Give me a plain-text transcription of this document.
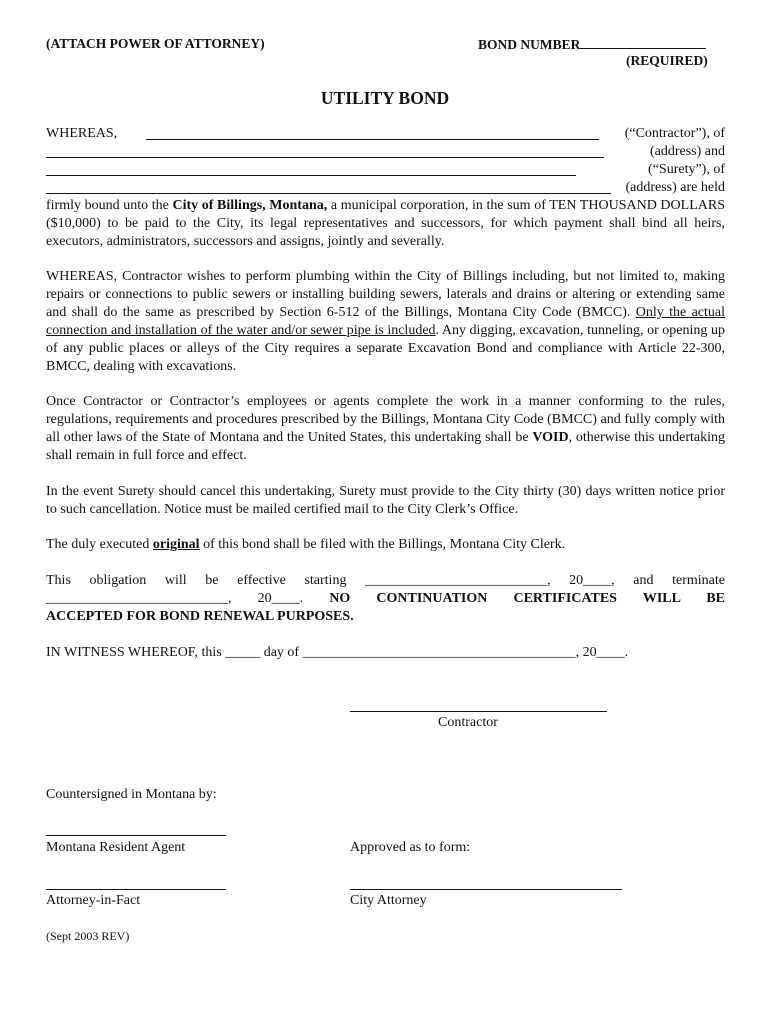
(ATTACH POWER OF ATTORNEY)	BOND NUMBER
(REQUIRED)
UTILITY BOND
WHEREAS,	(“Contractor”), of
(address) and
(“Surety”), of
(address) are held
firmly bound unto the City of Billings, Montana, a municipal corporation, in the sum of TEN THOUSAND DOLLARS ($10,000) to be paid to the City, its legal representatives and successors, for which payment shall bind all heirs, executors, administrators, successors and assigns, jointly and severally.
WHEREAS, Contractor wishes to perform plumbing within the City of Billings including, but not limited to, making repairs or connections to public sewers or installing building sewers, laterals and drains or altering or extending same and shall do the same as prescribed by Section 6-512 of the Billings, Montana City Code (BMCC). Only the actual connection and installation of the water and/or sewer pipe is included. Any digging, excavation, tunneling, or opening up of any public places or alleys of the City requires a separate Excavation Bond and compliance with Article 22-300, BMCC, dealing with excavations.
Once Contractor or Contractor’s employees or agents complete the work in a manner conforming to the rules, regulations, requirements and procedures prescribed by the Billings, Montana City Code (BMCC) and fully comply with all other laws of the State of Montana and the United States, this undertaking shall be VOID, otherwise this undertaking shall remain in full force and effect.
In the event Surety should cancel this undertaking, Surety must provide to the City thirty (30) days written notice prior to such cancellation. Notice must be mailed certified mail to the City Clerk’s Office.
The duly executed original of this bond shall be filed with the Billings, Montana City Clerk.
This obligation will be effective starting __________________________, 20____, and terminate
__________________________, 20____. NO CONTINUATION CERTIFICATES WILL BE
ACCEPTED FOR BOND RENEWAL PURPOSES.
IN WITNESS WHEREOF, this _____ day of _______________________________________, 20____.
Contractor
Countersigned in Montana by:
Montana Resident Agent	Approved as to form:
Attorney-in-Fact	City Attorney
(Sept 2003 REV)
